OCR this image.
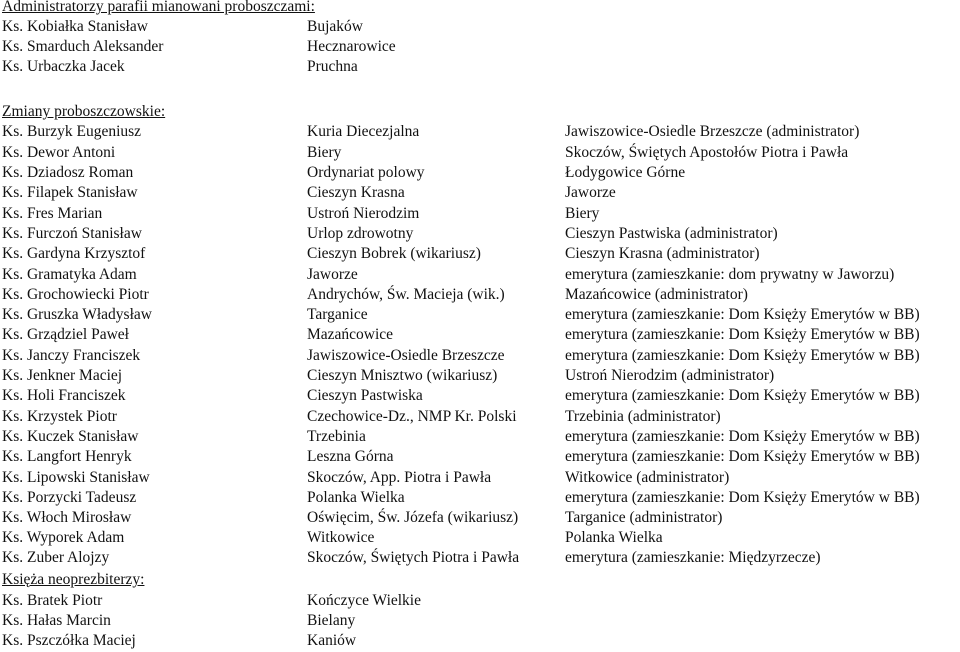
Administratorzy parafii mianowani proboszczami:
Ks. Kobiałka Stanisław	Bujaków
Ks. Smarduch Aleksander	Hecznarowice
Ks. Urbaczka Jacek	Pruchna
Zmiany proboszczowskie:
Ks. Burzyk Eugeniusz	Kuria Diecezjalna	Jawiszowice-Osiedle Brzeszcze (administrator)
Ks. Dewor Antoni	Biery	Skoczów, Świętych Apostołów Piotra i Pawła
Ks. Dziadosz Roman	Ordynariat polowy	Łodygowice Górne
Ks. Filapek Stanisław	Cieszyn Krasna	Jaworze
Ks. Fres Marian	Ustroń Nierodzim	Biery
Ks. Furczoń Stanisław	Urlop zdrowotny	Cieszyn Pastwiska (administrator)
Ks. Gardyna Krzysztof	Cieszyn Bobrek (wikariusz)	Cieszyn Krasna (administrator)
Ks. Gramatyka Adam	Jaworze	emerytura (zamieszkanie: dom prywatny w Jaworzu)
Ks. Grochowiecki Piotr	Andrychów, Św. Macieja (wik.)	Mazańcowice (administrator)
Ks. Gruszka Władysław	Targanice	emerytura (zamieszkanie: Dom Księży Emerytów w BB)
Ks. Grządziel Paweł	Mazańcowice	emerytura (zamieszkanie: Dom Księży Emerytów w BB)
Ks. Janczy Franciszek	Jawiszowice-Osiedle Brzeszcze	emerytura (zamieszkanie: Dom Księży Emerytów w BB)
Ks. Jenkner Maciej	Cieszyn Mnisztwo (wikariusz)	Ustroń Nierodzim (administrator)
Ks. Holi Franciszek	Cieszyn Pastwiska	emerytura (zamieszkanie: Dom Księży Emerytów w BB)
Ks. Krzystek Piotr	Czechowice-Dz., NMP Kr. Polski	Trzebinia (administrator)
Ks. Kuczek Stanisław	Trzebinia	emerytura (zamieszkanie: Dom Księży Emerytów w BB)
Ks. Langfort Henryk	Leszna Górna	emerytura (zamieszkanie: Dom Księży Emerytów w BB)
Ks. Lipowski Stanisław	Skoczów, App. Piotra i Pawła	Witkowice (administrator)
Ks. Porzycki Tadeusz	Polanka Wielka	emerytura (zamieszkanie: Dom Księży Emerytów w BB)
Ks. Włoch Mirosław	Oświęcim, Św. Józefa (wikariusz)	Targanice (administrator)
Ks. Wyporek Adam	Witkowice	Polanka Wielka
Ks. Zuber Alojzy	Skoczów, Świętych Piotra i Pawła	emerytura (zamieszkanie: Międzyrzecze)
Księża neoprezbiterzy:
Ks. Bratek Piotr	Kończyce Wielkie
Ks. Hałas Marcin	Bielany
Ks. Pszczółka Maciej	Kaniów
